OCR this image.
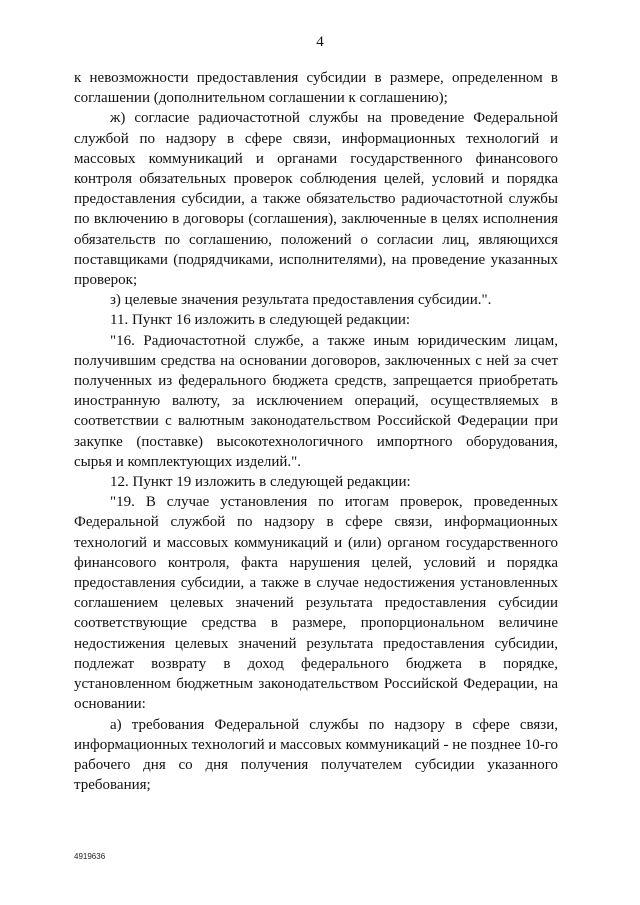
4

к невозможности предоставления субсидии в размере, определенном в соглашении (дополнительном соглашении к соглашению);

ж) согласие радиочастотной службы на проведение Федеральной службой по надзору в сфере связи, информационных технологий и массовых коммуникаций и органами государственного финансового контроля обязательных проверок соблюдения целей, условий и порядка предоставления субсидии, а также обязательство радиочастотной службы по включению в договоры (соглашения), заключенные в целях исполнения обязательств по соглашению, положений о согласии лиц, являющихся поставщиками (подрядчиками, исполнителями), на проведение указанных проверок;

з) целевые значения результата предоставления субсидии.".

11. Пункт 16 изложить в следующей редакции:

"16. Радиочастотной службе, а также иным юридическим лицам, получившим средства на основании договоров, заключенных с ней за счет полученных из федерального бюджета средств, запрещается приобретать иностранную валюту, за исключением операций, осуществляемых в соответствии с валютным законодательством Российской Федерации при закупке (поставке) высокотехнологичного импортного оборудования, сырья и комплектующих изделий.".

12. Пункт 19 изложить в следующей редакции:

"19. В случае установления по итогам проверок, проведенных Федеральной службой по надзору в сфере связи, информационных технологий и массовых коммуникаций и (или) органом государственного финансового контроля, факта нарушения целей, условий и порядка предоставления субсидии, а также в случае недостижения установленных соглашением целевых значений результата предоставления субсидии соответствующие средства в размере, пропорциональном величине недостижения целевых значений результата предоставления субсидии, подлежат возврату в доход федерального бюджета в порядке, установленном бюджетным законодательством Российской Федерации, на основании:

а) требования Федеральной службы по надзору в сфере связи, информационных технологий и массовых коммуникаций - не позднее 10-го рабочего дня со дня получения получателем субсидии указанного требования;

4919636
